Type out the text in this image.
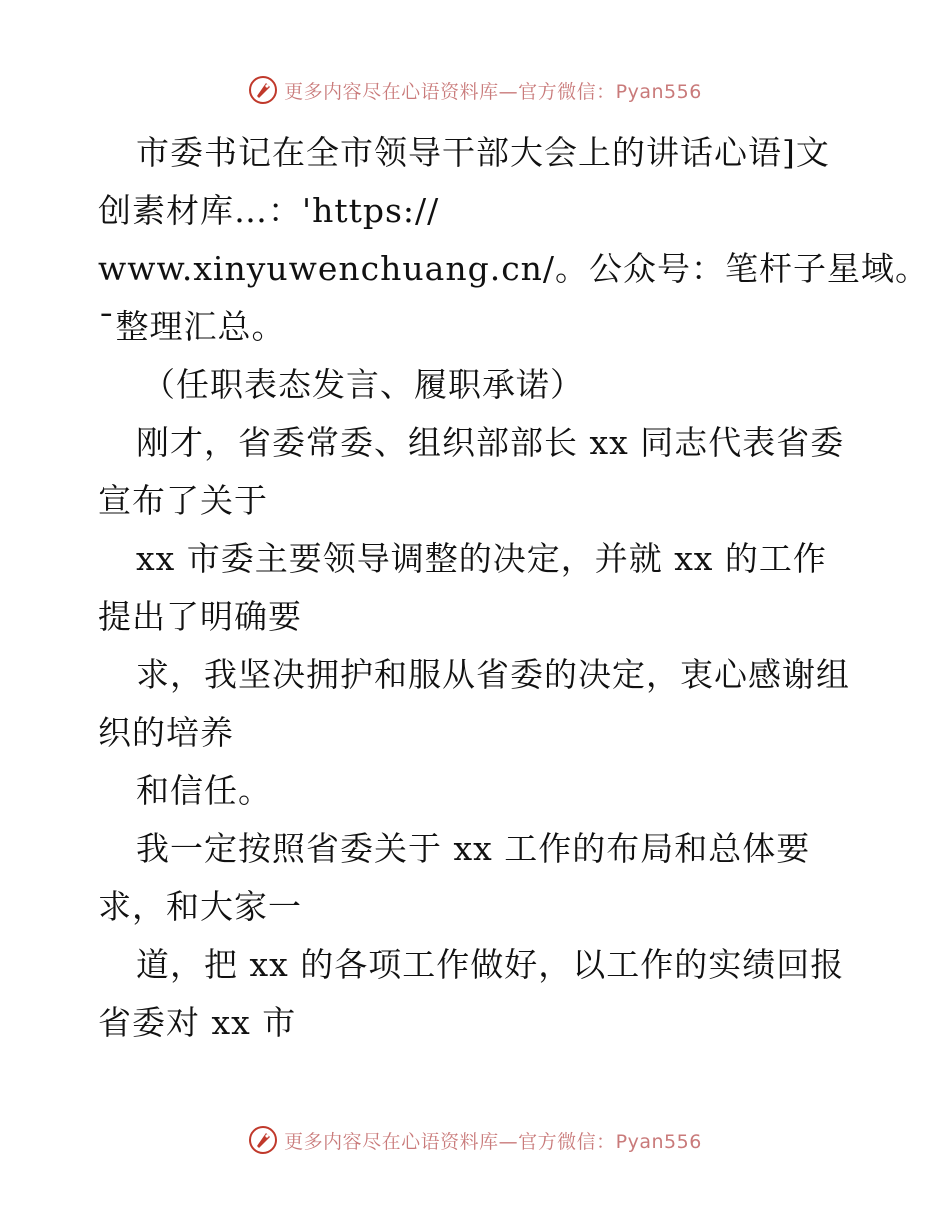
更多内容尽在心语资料库—官方微信：Pyan556
市委书记在全市领导干部大会上的讲话心语]文
创素材库…：'https://
www.xinyuwenchuang.cn/。公众号：笔杆子星域。
¯整理汇总。
（任职表态发言、履职承诺）
刚才，省委常委、组织部部长 xx 同志代表省委
宣布了关于
xx 市委主要领导调整的决定，并就 xx 的工作
提出了明确要
求，我坚决拥护和服从省委的决定，衷心感谢组
织的培养
和信任。
我一定按照省委关于 xx 工作的布局和总体要
求，和大家一
道，把 xx 的各项工作做好，以工作的实绩回报
省委对 xx 市
更多内容尽在心语资料库—官方微信：Pyan556
